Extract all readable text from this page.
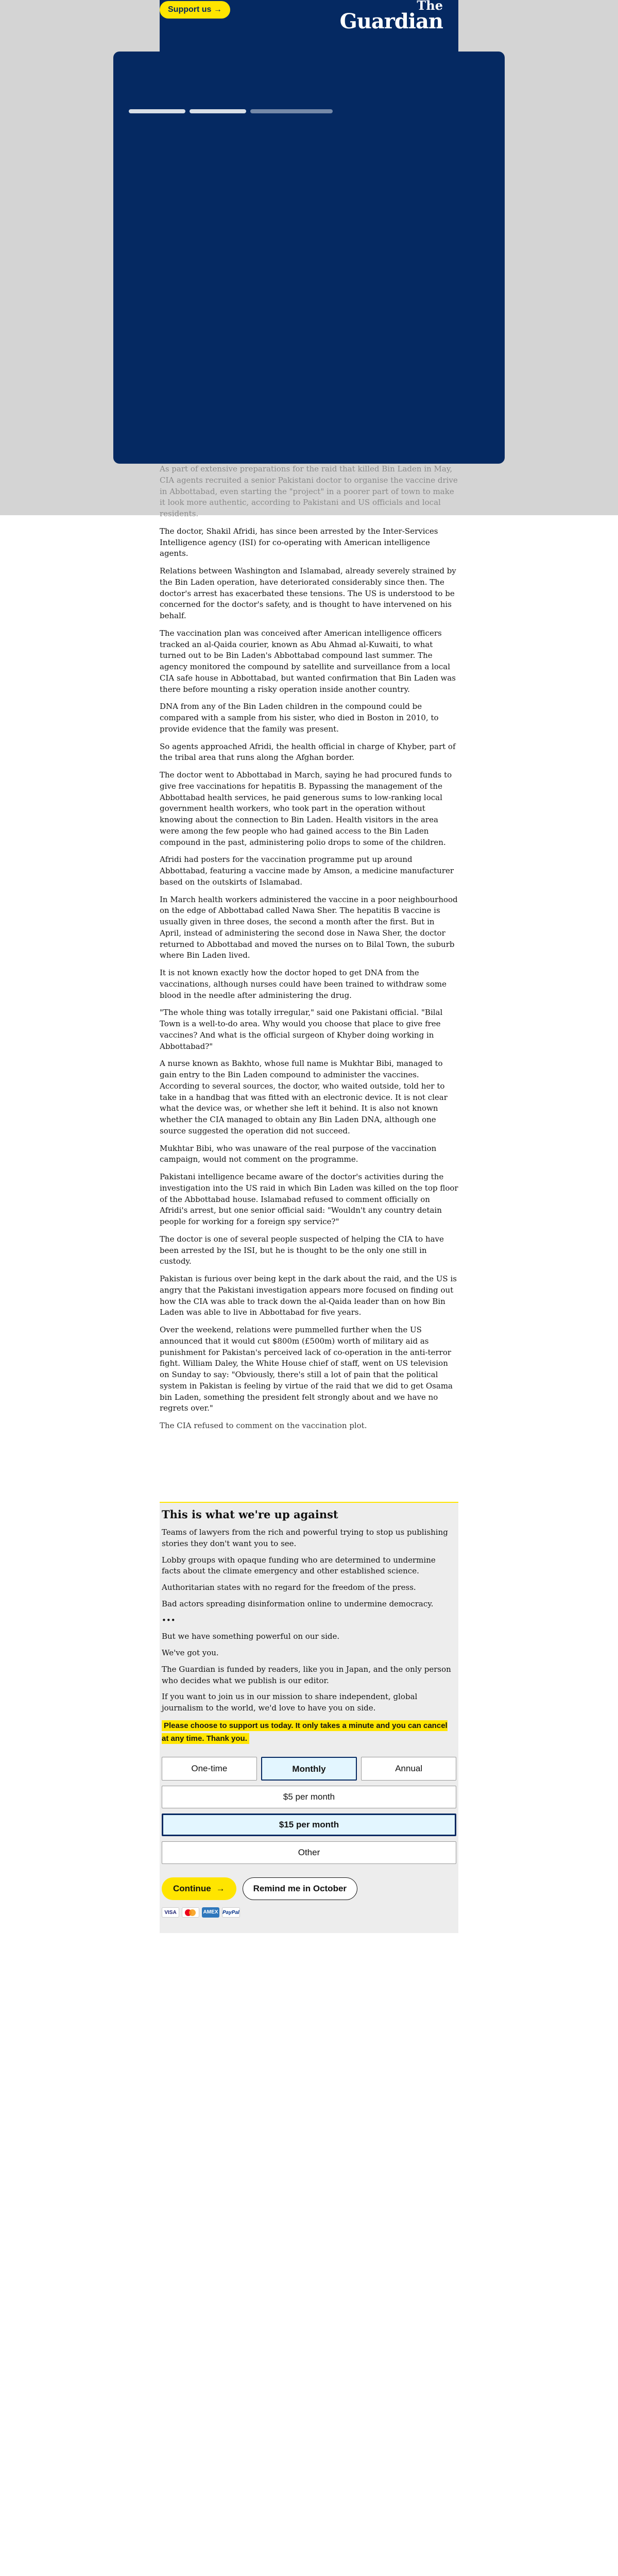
Support us →	The
Guardian

As part of extensive preparations for the raid that killed Bin Laden in May, CIA agents recruited a senior Pakistani doctor to organise the vaccine drive in Abbottabad, even starting the "project" in a poorer part of town to make it look more authentic, according to Pakistani and US officials and local residents.

The doctor, Shakil Afridi, has since been arrested by the Inter-Services Intelligence agency (ISI) for co-operating with American intelligence agents.

Relations between Washington and Islamabad, already severely strained by the Bin Laden operation, have deteriorated considerably since then. The doctor's arrest has exacerbated these tensions. The US is understood to be concerned for the doctor's safety, and is thought to have intervened on his behalf.

The vaccination plan was conceived after American intelligence officers tracked an al-Qaida courier, known as Abu Ahmad al-Kuwaiti, to what turned out to be Bin Laden's Abbottabad compound last summer. The agency monitored the compound by satellite and surveillance from a local CIA safe house in Abbottabad, but wanted confirmation that Bin Laden was there before mounting a risky operation inside another country.

DNA from any of the Bin Laden children in the compound could be compared with a sample from his sister, who died in Boston in 2010, to provide evidence that the family was present.

So agents approached Afridi, the health official in charge of Khyber, part of the tribal area that runs along the Afghan border.

The doctor went to Abbottabad in March, saying he had procured funds to give free vaccinations for hepatitis B. Bypassing the management of the Abbottabad health services, he paid generous sums to low-ranking local government health workers, who took part in the operation without knowing about the connection to Bin Laden. Health visitors in the area were among the few people who had gained access to the Bin Laden compound in the past, administering polio drops to some of the children.

Afridi had posters for the vaccination programme put up around Abbottabad, featuring a vaccine made by Amson, a medicine manufacturer based on the outskirts of Islamabad.

In March health workers administered the vaccine in a poor neighbourhood on the edge of Abbottabad called Nawa Sher. The hepatitis B vaccine is usually given in three doses, the second a month after the first. But in April, instead of administering the second dose in Nawa Sher, the doctor returned to Abbottabad and moved the nurses on to Bilal Town, the suburb where Bin Laden lived.

It is not known exactly how the doctor hoped to get DNA from the vaccinations, although nurses could have been trained to withdraw some blood in the needle after administering the drug.

"The whole thing was totally irregular," said one Pakistani official. "Bilal Town is a well-to-do area. Why would you choose that place to give free vaccines? And what is the official surgeon of Khyber doing working in Abbottabad?"

A nurse known as Bakhto, whose full name is Mukhtar Bibi, managed to gain entry to the Bin Laden compound to administer the vaccines. According to several sources, the doctor, who waited outside, told her to take in a handbag that was fitted with an electronic device. It is not clear what the device was, or whether she left it behind. It is also not known whether the CIA managed to obtain any Bin Laden DNA, although one source suggested the operation did not succeed.

Mukhtar Bibi, who was unaware of the real purpose of the vaccination campaign, would not comment on the programme.

Pakistani intelligence became aware of the doctor's activities during the investigation into the US raid in which Bin Laden was killed on the top floor of the Abbottabad house. Islamabad refused to comment officially on Afridi's arrest, but one senior official said: "Wouldn't any country detain people for working for a foreign spy service?"

The doctor is one of several people suspected of helping the CIA to have been arrested by the ISI, but he is thought to be the only one still in custody.

Pakistan is furious over being kept in the dark about the raid, and the US is angry that the Pakistani investigation appears more focused on finding out how the CIA was able to track down the al-Qaida leader than on how Bin Laden was able to live in Abbottabad for five years.

Over the weekend, relations were pummelled further when the US announced that it would cut $800m (£500m) worth of military aid as punishment for Pakistan's perceived lack of co-operation in the anti-terror fight. William Daley, the White House chief of staff, went on US television on Sunday to say: "Obviously, there's still a lot of pain that the political system in Pakistan is feeling by virtue of the raid that we did to get Osama bin Laden, something the president felt strongly about and we have no regrets over."

The CIA refused to comment on the vaccination plot.

This is what we're up against

Teams of lawyers from the rich and powerful trying to stop us publishing stories they don't want you to see.

Lobby groups with opaque funding who are determined to undermine facts about the climate emergency and other established science.

Authoritarian states with no regard for the freedom of the press.

Bad actors spreading disinformation online to undermine democracy.

•••

But we have something powerful on our side.

We've got you.

The Guardian is funded by readers, like you in Japan, and the only person who decides what we publish is our editor.

If you want to join us in our mission to share independent, global journalism to the world, we'd love to have you on side.

Please choose to support us today. It only takes a minute and you can cancel at any time. Thank you.

One-time	Monthly	Annual
$5 per month
$15 per month
Other
Continue →	Remind me in October
VISA	AMEX PayPal
